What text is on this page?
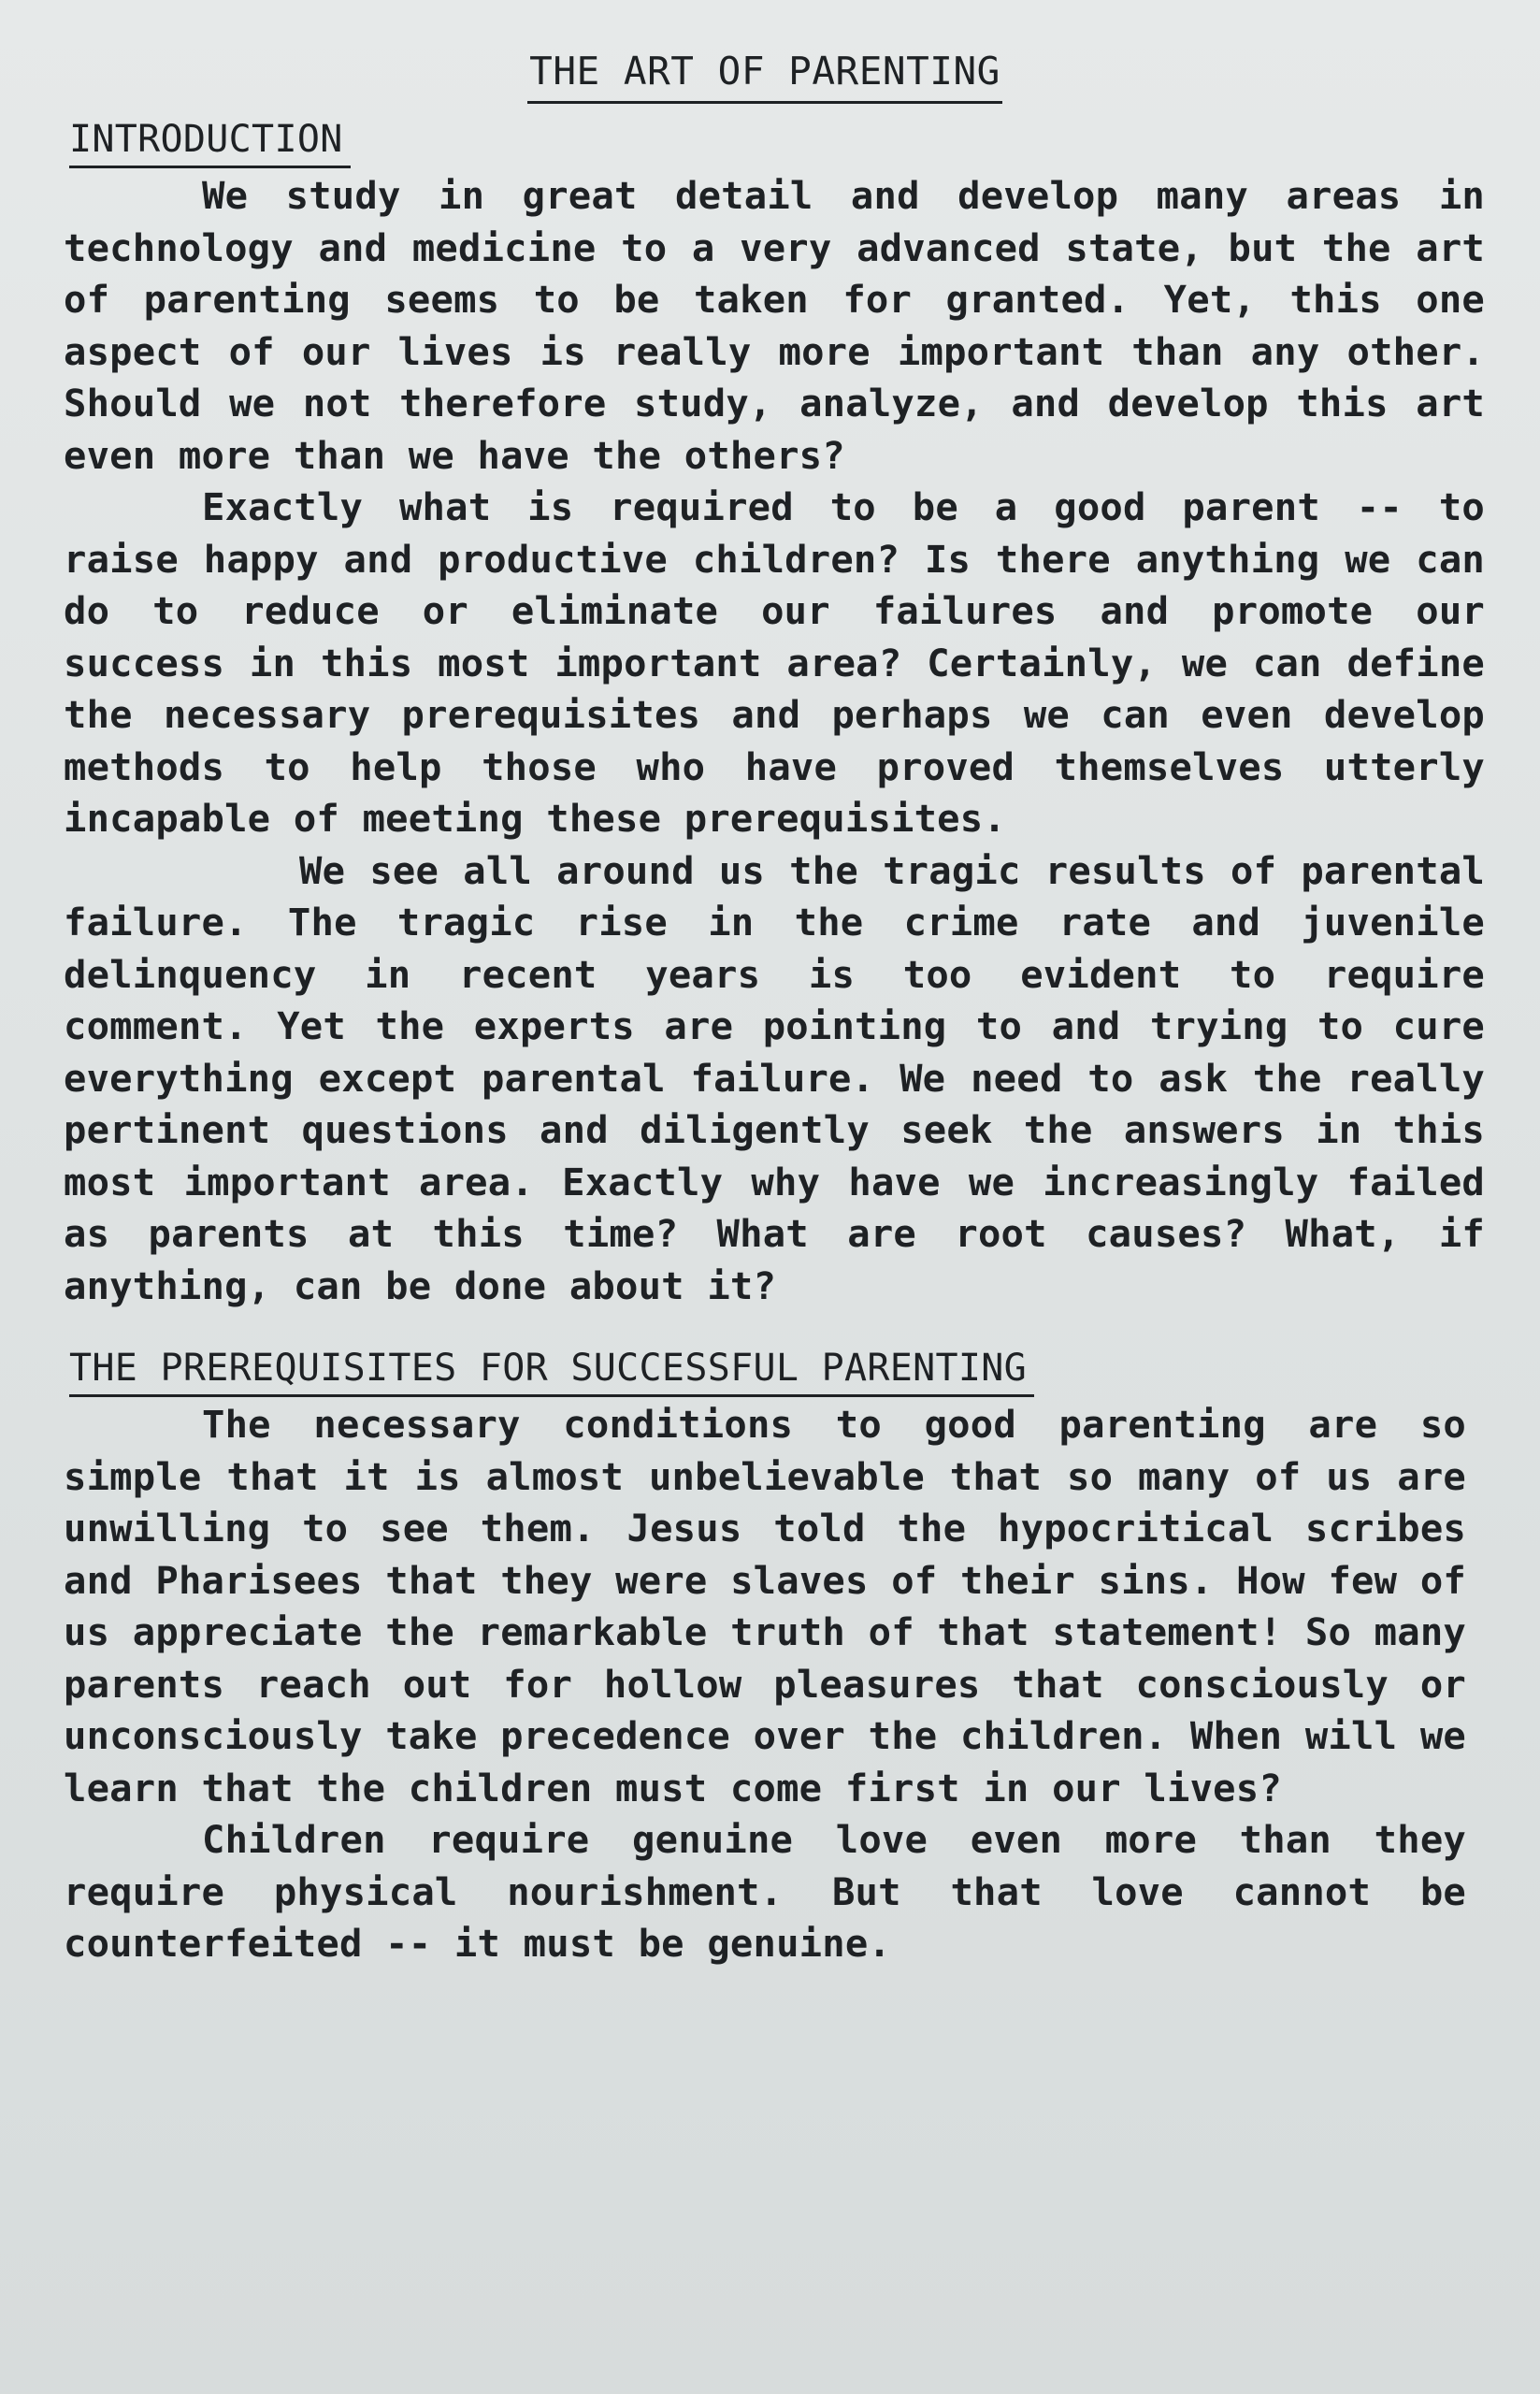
THE ART OF PARENTING
INTRODUCTION

We study in great detail and develop many areas in technology and medicine to a very advanced state, but the art of parenting seems to be taken for granted. Yet, this one aspect of our lives is really more important than any other. Should we not therefore study, analyze, and develop this art even more than we have the others?

Exactly what is required to be a good parent -- to raise happy and productive children? Is there anything we can do to reduce or eliminate our failures and promote our success in this most important area? Certainly, we can define the necessary prerequisites and perhaps we can even develop methods to help those who have proved themselves utterly incapable of meeting these prerequisites.

We see all around us the tragic results of parental failure. The tragic rise in the crime rate and juvenile delinquency in recent years is too evident to require comment. Yet the experts are pointing to and trying to cure everything except parental failure. We need to ask the really pertinent questions and diligently seek the answers in this most important area. Exactly why have we increasingly failed as parents at this time? What are root causes? What, if anything, can be done about it?

THE PREREQUISITES FOR SUCCESSFUL PARENTING

The necessary conditions to good parenting are so simple that it is almost unbelievable that so many of us are unwilling to see them. Jesus told the hypocritical scribes and Pharisees that they were slaves of their sins. How few of us appreciate the remarkable truth of that statement! So many parents reach out for hollow pleasures that consciously or unconsciously take precedence over the children. When will we learn that the children must come first in our lives?

Children require genuine love even more than they require physical nourishment. But that love cannot be counterfeited -- it must be genuine.
